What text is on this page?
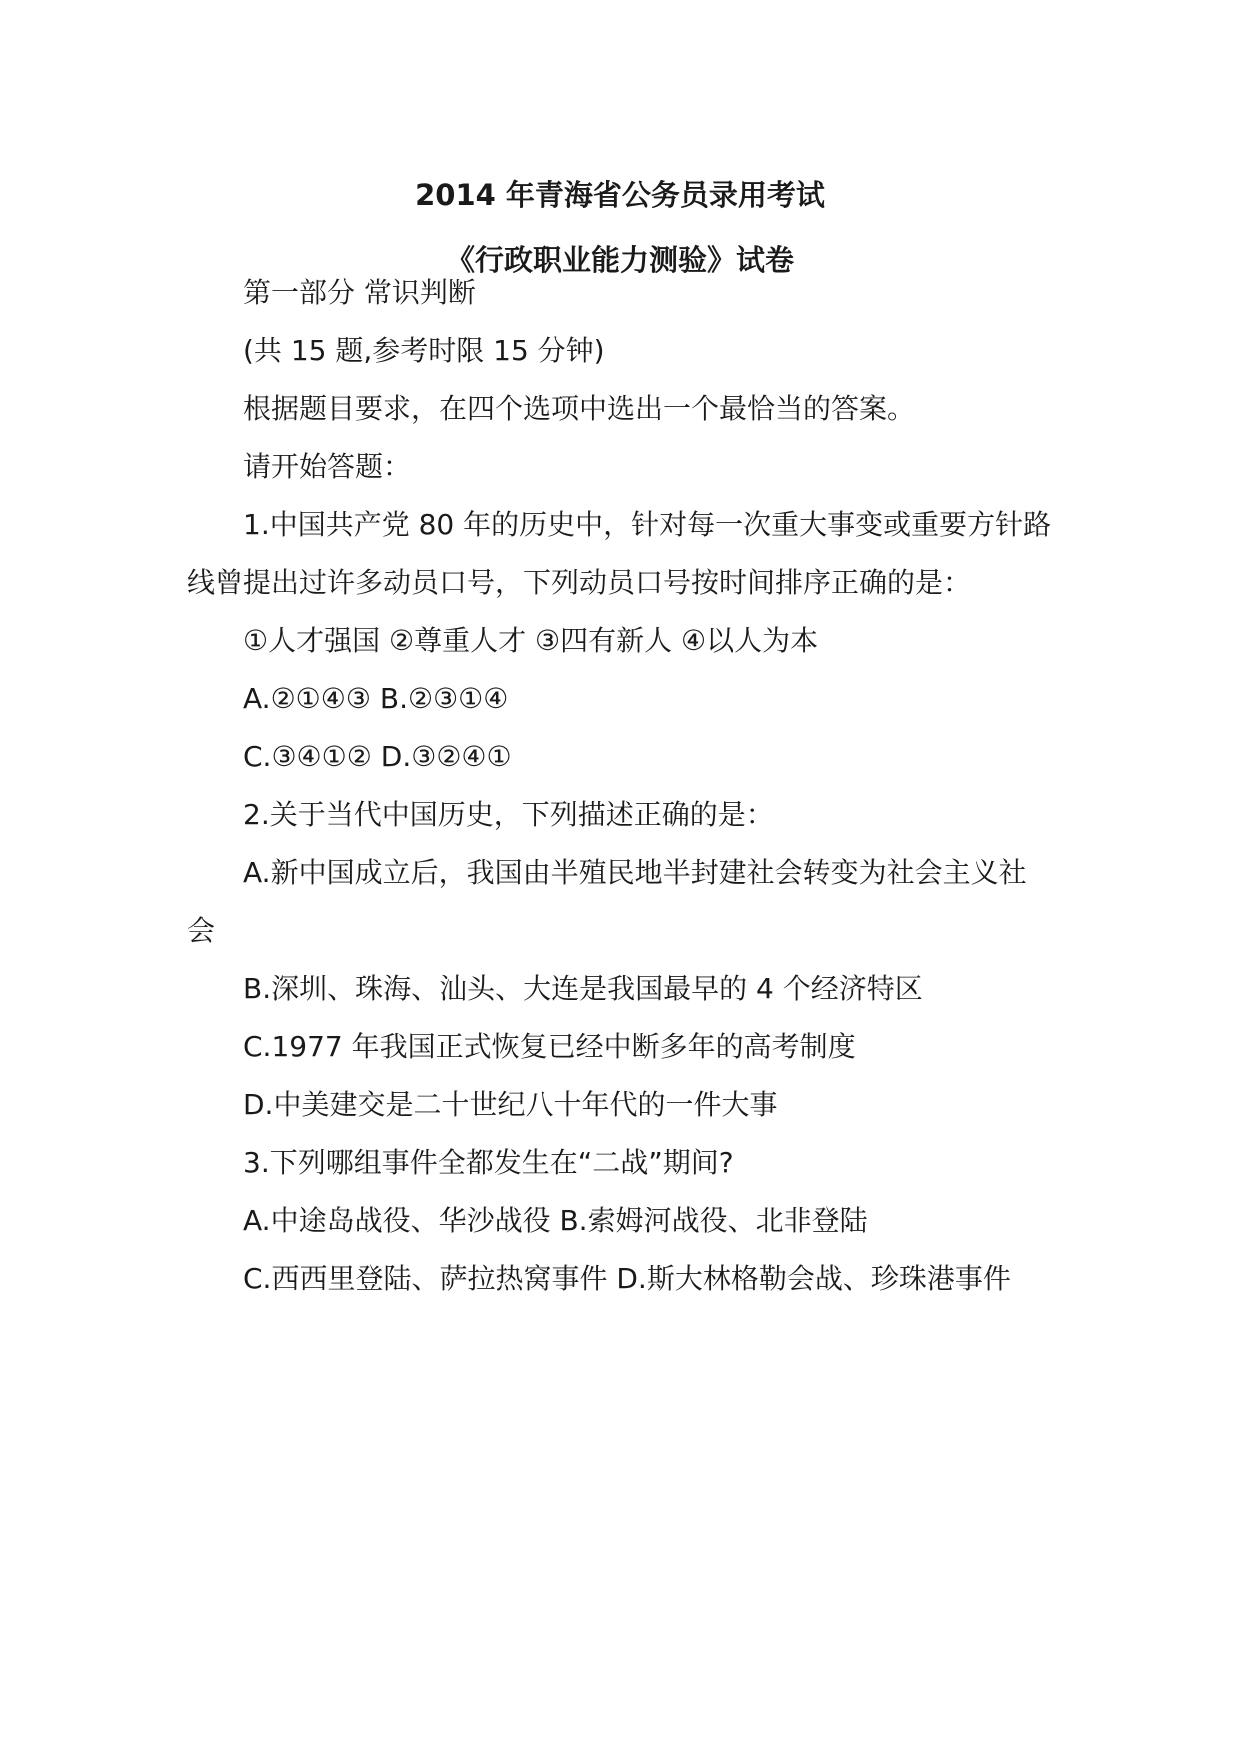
2014 年青海省公务员录用考试
《行政职业能力测验》试卷
第一部分 常识判断
(共 15 题,参考时限 15 分钟)
根据题目要求，在四个选项中选出一个最恰当的答案。
请开始答题：
1.中国共产党 80 年的历史中，针对每一次重大事变或重要方针路
线曾提出过许多动员口号，下列动员口号按时间排序正确的是：
①人才强国 ②尊重人才 ③四有新人 ④以人为本
A.②①④③ B.②③①④
C.③④①② D.③②④①
2.关于当代中国历史，下列描述正确的是：
A.新中国成立后，我国由半殖民地半封建社会转变为社会主义社
会
B.深圳、珠海、汕头、大连是我国最早的 4 个经济特区
C.1977 年我国正式恢复已经中断多年的高考制度
D.中美建交是二十世纪八十年代的一件大事
3.下列哪组事件全都发生在“二战”期间?
A.中途岛战役、华沙战役 B.索姆河战役、北非登陆
C.西西里登陆、萨拉热窝事件 D.斯大林格勒会战、珍珠港事件
